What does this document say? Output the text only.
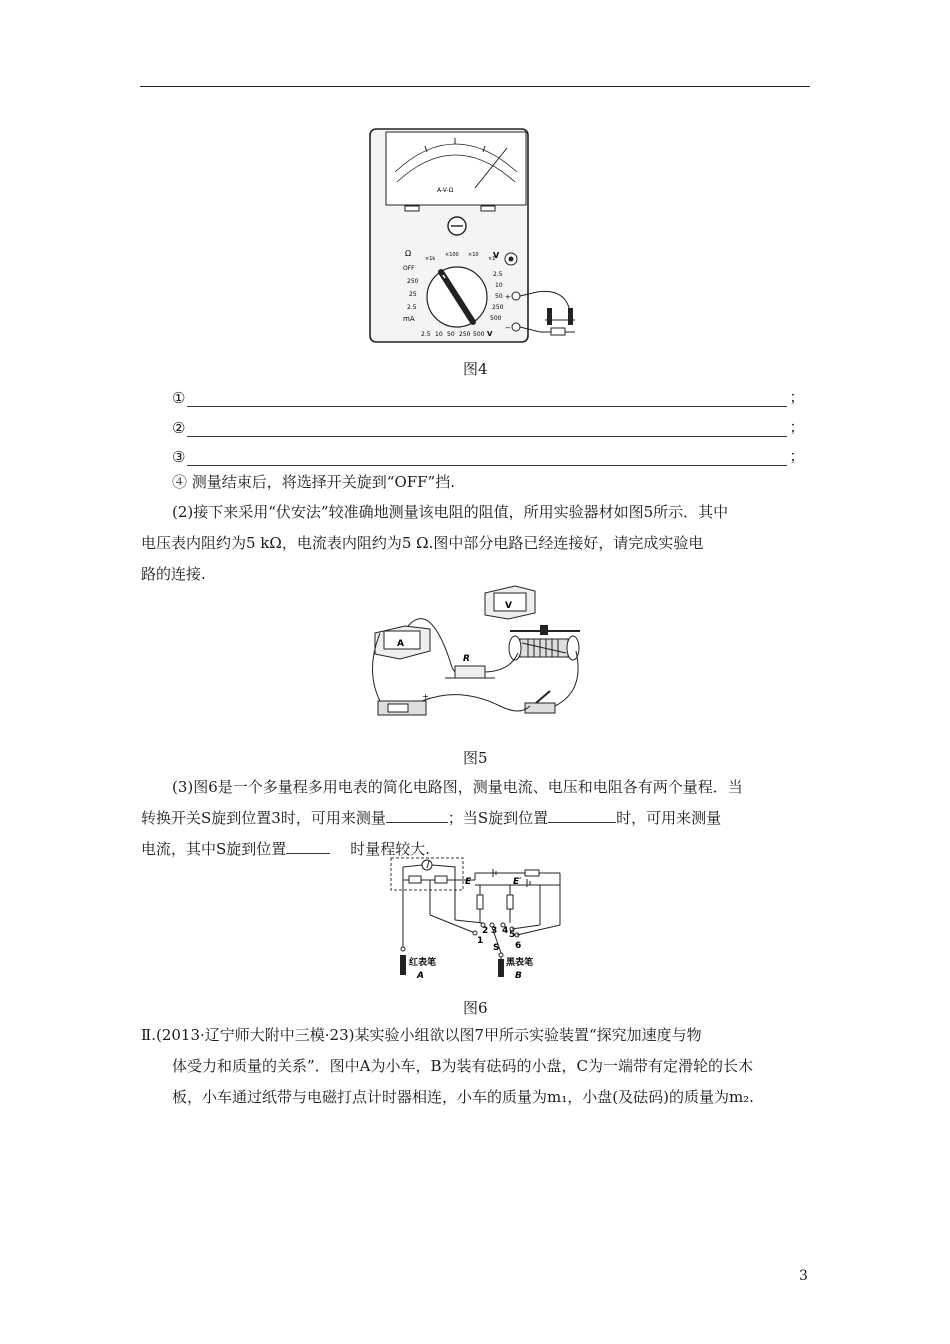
A-V-Ω
Ω
×1k
×100 ×10
×1
V
OFF
250
25
2.5
mA
2.5
10
50
250
500
2.5 10 50 250 500 V
+
−
图4
①	；
②	；
③	；
④ 测量结束后，将选择开关旋到“OFF”挡.
(2)接下来采用“伏安法”较准确地测量该电阻的阻值，所用实验器材如图5所示．其中
电压表内阻约为5 kΩ，电流表内阻约为5 Ω.图中部分电路已经连接好，请完成实验电
路的连接.
A
V
R
+
图5
(3)图6是一个多量程多用电表的简化电路图，测量电流、电压和电阻各有两个量程．当
转换开关S旋到位置3时，可用来测量	；当S旋到位置	时，可用来测量
电流，其中S旋到位置	时量程较大.
E	E′
1
2 3 4 5
6
S
红表笔
A
黑表笔
B
图6
Ⅱ.(2013·辽宁师大附中三模·23)某实验小组欲以图7甲所示实验装置“探究加速度与物
体受力和质量的关系”．图中A为小车，B为装有砝码的小盘，C为一端带有定滑轮的长木
板，小车通过纸带与电磁打点计时器相连，小车的质量为m₁，小盘(及砝码)的质量为m₂.
3
